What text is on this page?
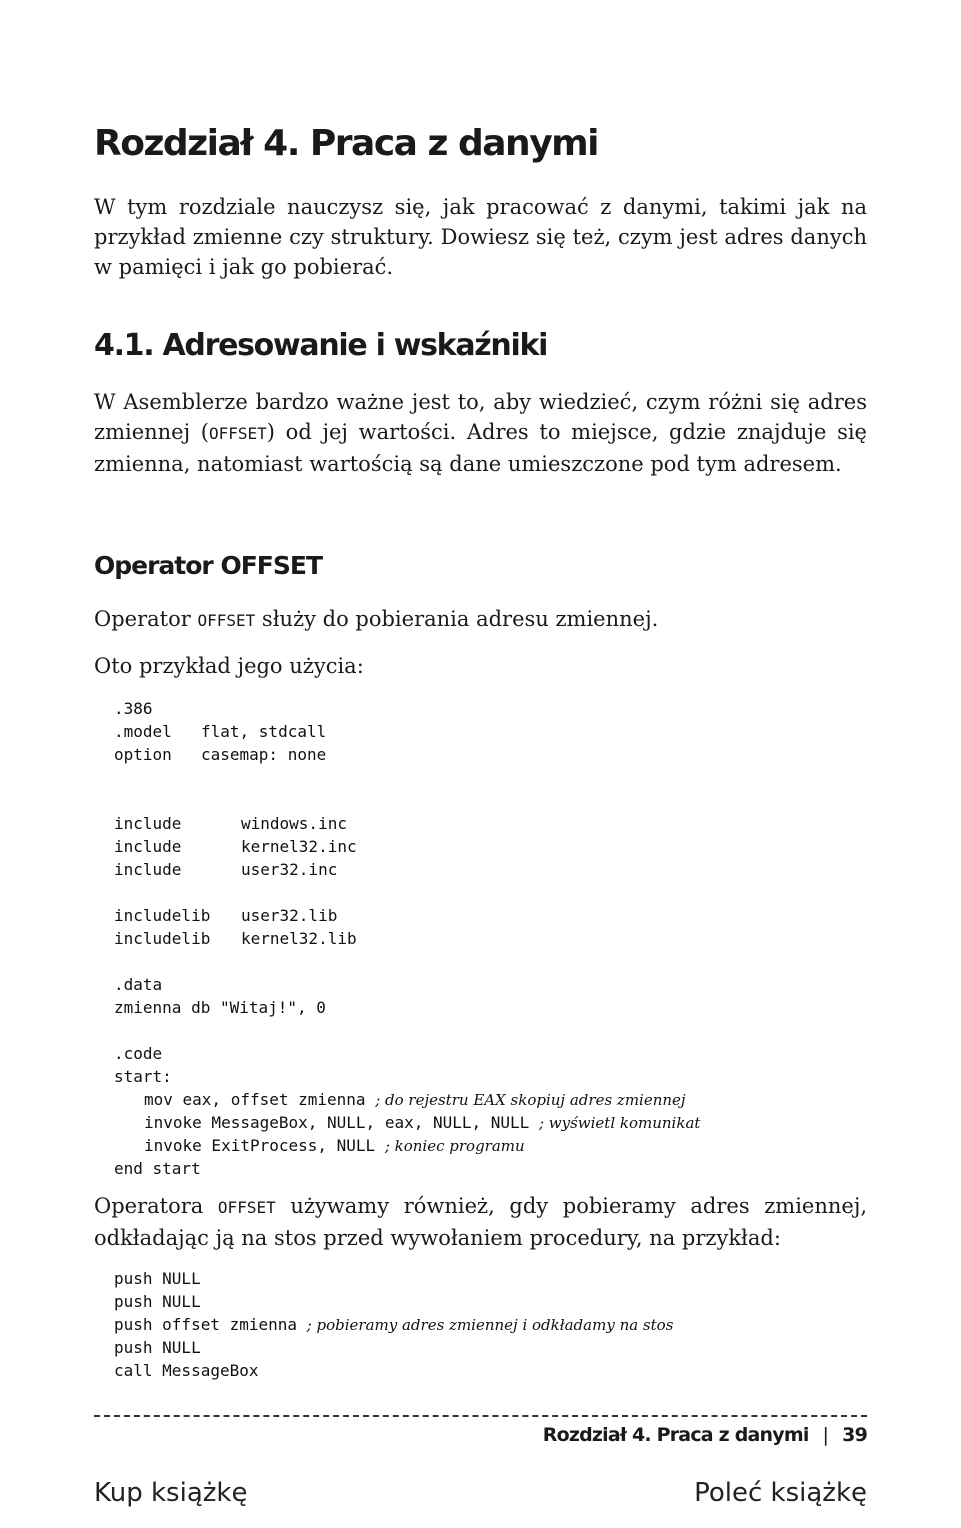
Rozdział 4. Praca z danymi

W tym rozdziale nauczysz się, jak pracować z danymi, takimi jak na przykład zmienne czy struktury. Dowiesz się też, czym jest adres danych w pamięci i jak go pobierać.

4.1. Adresowanie i wskaźniki

W Asemblerze bardzo ważne jest to, aby wiedzieć, czym różni się adres zmiennej (OFFSET) od jej wartości. Adres to miejsce, gdzie znajduje się zmienna, natomiast wartością są dane umieszczone pod tym adresem.

Operator OFFSET

Operator OFFSET służy do pobierania adresu zmiennej.

Oto przykład jego użycia:

.386
.model flat, stdcall
option casemap: none
include	windows.inc
include	kernel32.inc
include	user32.inc
includelib user32.lib
includelib kernel32.lib
.data
zmienna db "Witaj!", 0
.code
start:
mov eax, offset zmienna ; do rejestru EAX skopiuj adres zmiennej
invoke MessageBox, NULL, eax, NULL, NULL ; wyświetl komunikat
invoke ExitProcess, NULL ; koniec programu
end start

Operatora OFFSET używamy również, gdy pobieramy adres zmiennej, odkładając ją na stos przed wywołaniem procedury, na przykład:

push NULL
push NULL
push offset zmienna ; pobieramy adres zmiennej i odkładamy na stos
push NULL
call MessageBox
Rozdział 4. Praca z danymi | 39
Kup książkę	Poleć książkę
